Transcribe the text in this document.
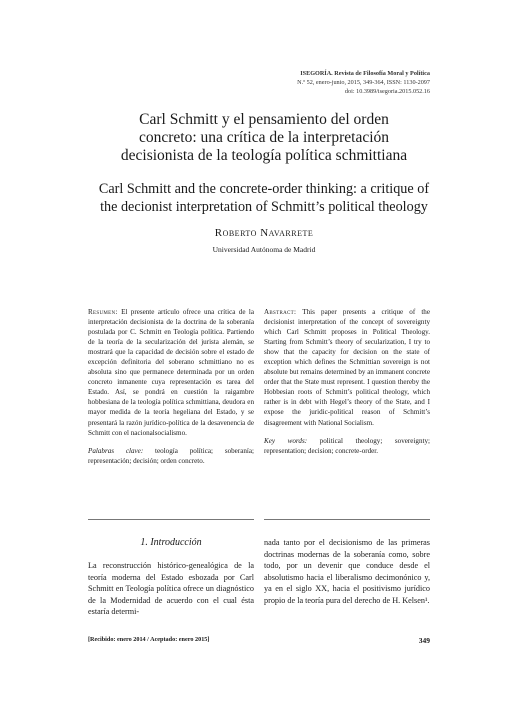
ISEGORÍA. Revista de Filosofía Moral y Política
N.º 52, enero-junio, 2015, 349-364, ISSN: 1130-2097
doi: 10.3989/isegoria.2015.052.16
Carl Schmitt y el pensamiento del orden
concreto: una crítica de la interpretación
decisionista de la teología política schmittiana
Carl Schmitt and the concrete-order thinking: a critique of
the decionist interpretation of Schmitt’s political theology
Roberto Navarrete
Universidad Autónoma de Madrid

Resumen: El presente artículo ofrece una crítica de la interpretación decisionista de la doctrina de la soberanía postulada por C. Schmitt en Teología política. Partiendo de la teoría de la secularización del jurista alemán, se mostrará que la capacidad de decisión sobre el estado de excepción definitoria del soberano schmittiano no es absoluta sino que permanece determinada por un orden concreto inmanente cuya representación es tarea del Estado. Así, se pondrá en cuestión la raigambre hobbesiana de la teología política schmittiana, deudora en mayor medida de la teoría hegeliana del Estado, y se presentará la razón jurídico-política de la desavenencia de Schmitt con el nacionalsocialismo.

Palabras clave: teología política; soberanía; representación; decisión; orden concreto.

Abstract: This paper presents a critique of the decisionist interpretation of the concept of sovereignty which Carl Schmitt proposes in Political Theology. Starting from Schmitt’s theory of secularization, I try to show that the capacity for decision on the state of exception which defines the Schmittian sovereign is not absolute but remains determined by an immanent concrete order that the State must represent. I question thereby the Hobbesian roots of Schmitt’s political theology, which rather is in debt with Hegel’s theory of the State, and I expose the juridic-political reason of Schmitt’s disagreement with National Socialism.

Key words: political theology; sovereignty; representation; decision; concrete-order.

1. Introducción

La reconstrucción histórico-genealógica de la teoría moderna del Estado esbozada por Carl Schmitt en Teología política ofrece un diagnóstico de la Modernidad de acuerdo con el cual ésta estaría determi-

nada tanto por el decisionismo de las primeras doctrinas modernas de la soberanía como, sobre todo, por un devenir que conduce desde el absolutismo hacia el liberalismo decimonónico y, ya en el siglo XX, hacia el positivismo jurídico propio de la teoría pura del derecho de H. Kelsen¹.

[Recibido: enero 2014 / Aceptado: enero 2015]	349
